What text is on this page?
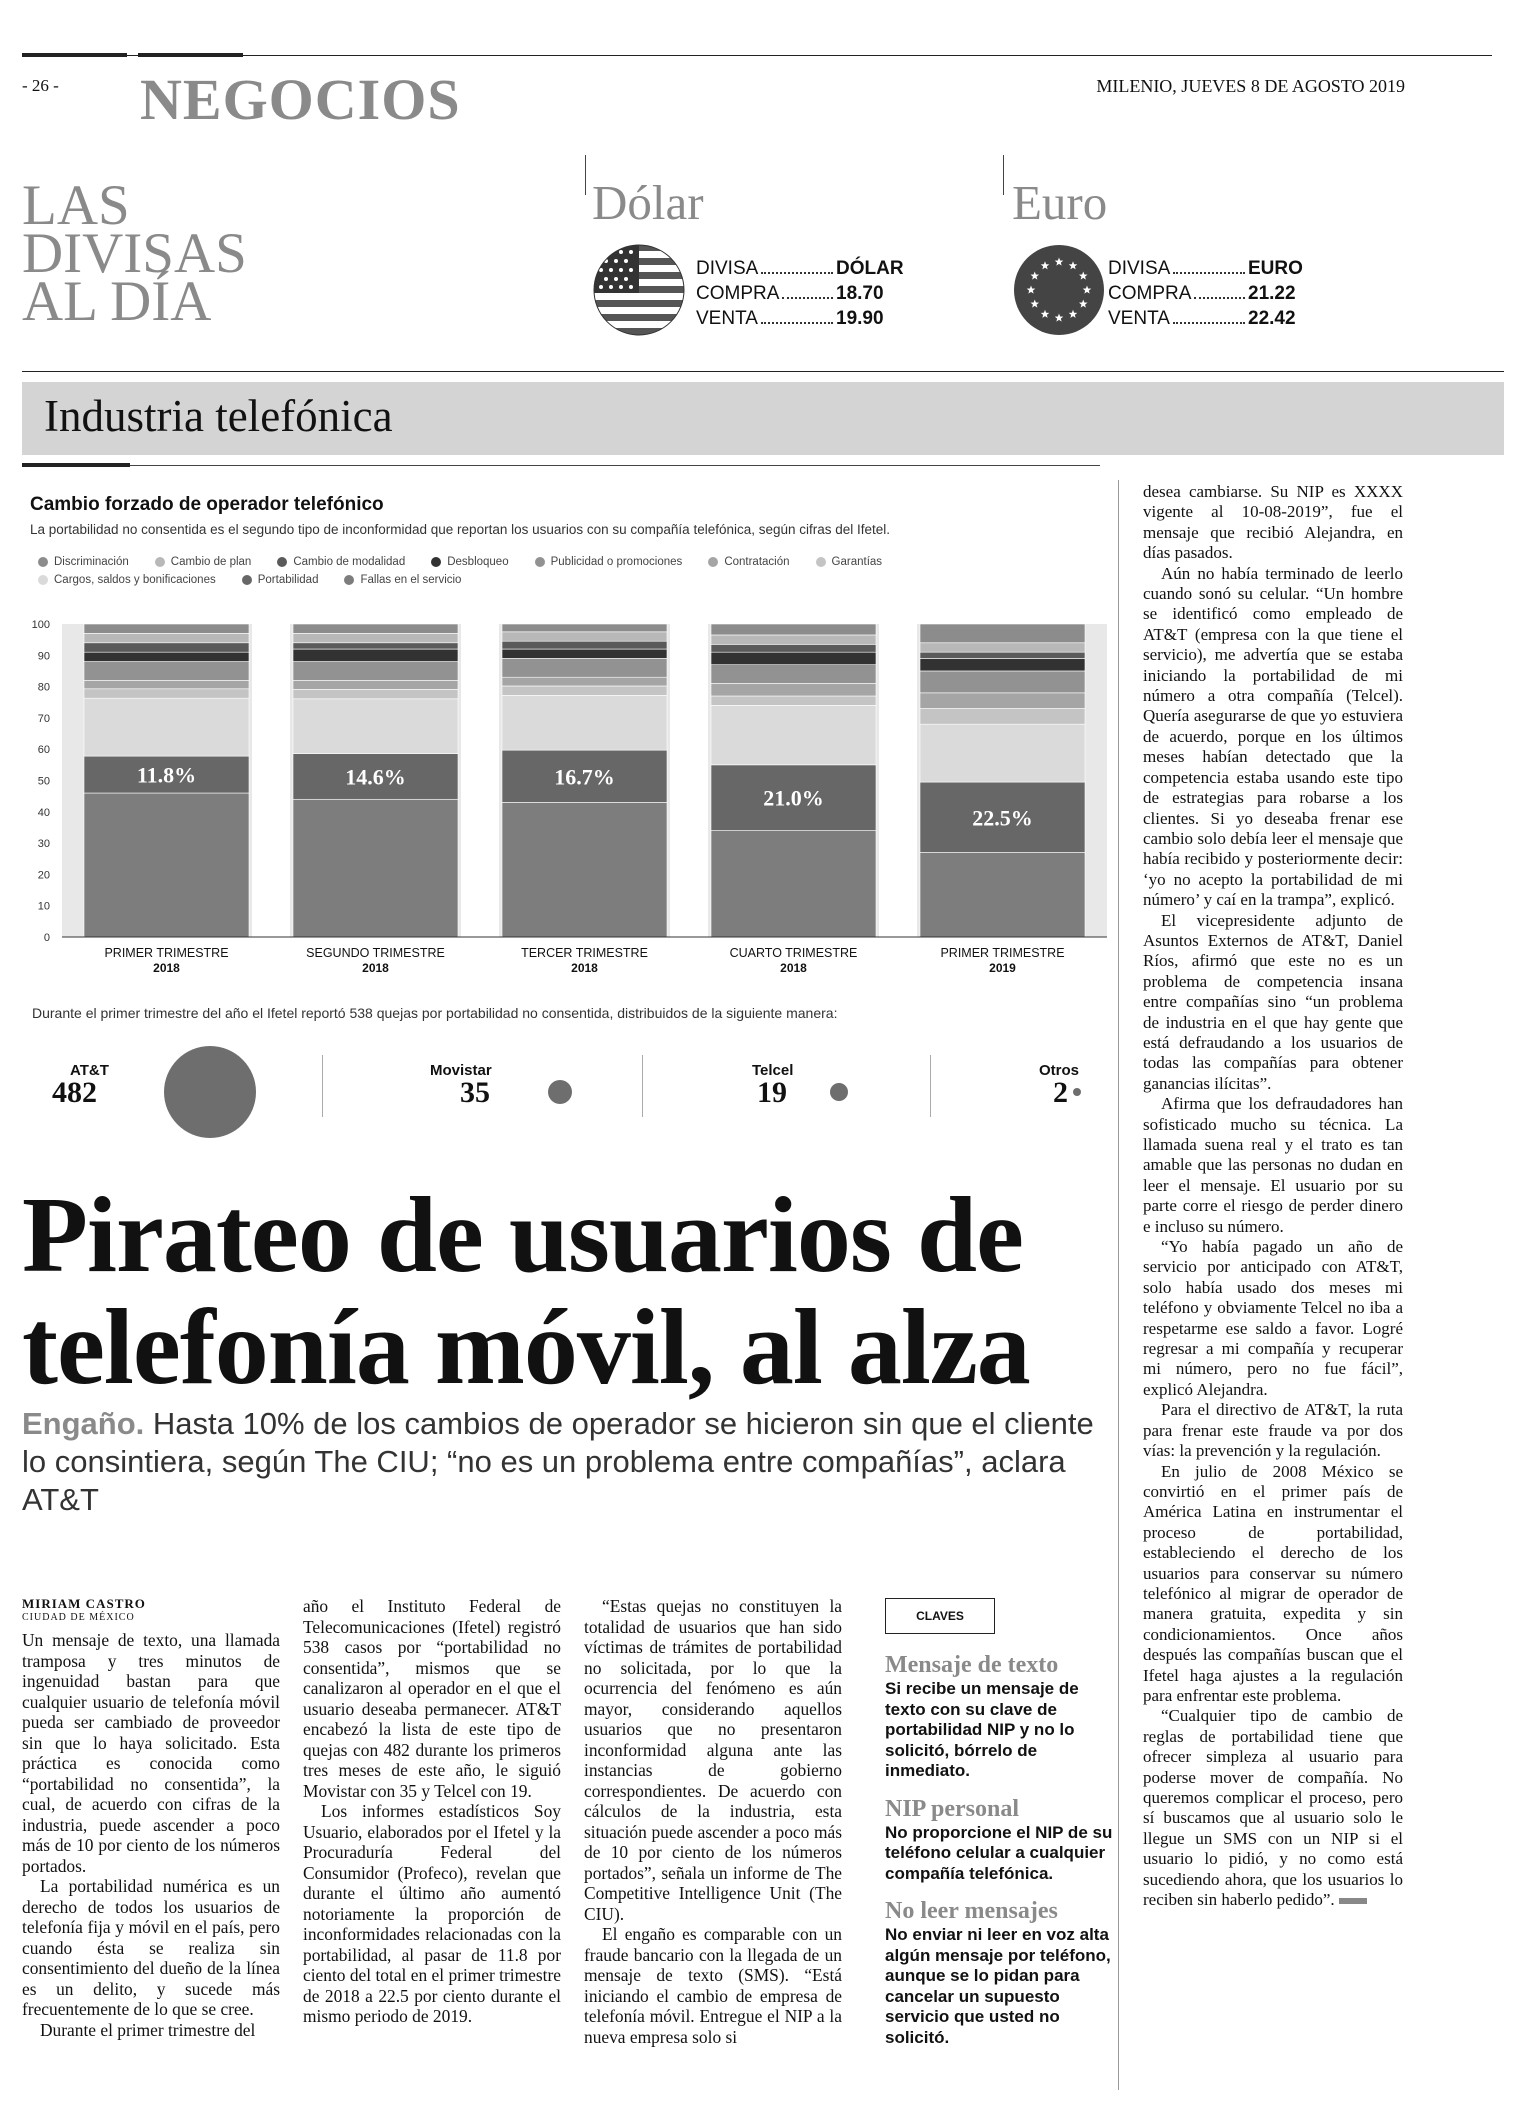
- 26 - NEGOCIOS	MILENIO, JUEVES 8 DE AGOSTO 2019
LAS
DIVISAS
AL DÍA
Dólar
DIVISA	DÓLAR
COMPRA	18.70
VENTA	19.90
Euro
DIVISA	EURO
COMPRA	21.22
VENTA	22.42
Industria telefónica
Cambio forzado de operador telefónico
La portabilidad no consentida es el segundo tipo de inconformidad que reportan los usuarios con su compañía telefónica, según cifras del Ifetel.
Discriminación	Cambio de plan	Cambio de modalidad	Desbloqueo	Publicidad o promociones	Contratación	Garantías
Cargos, saldos y bonificaciones	Portabilidad	Fallas en el servicio
0
10
20
30
40
50
60
70
80
90
100
11.8%
PRIMER TRIMESTRE
2018
14.6%
SEGUNDO TRIMESTRE
2018
16.7%
TERCER TRIMESTRE
2018
21.0%
CUARTO TRIMESTRE
2018
22.5%
PRIMER TRIMESTRE
2019
Durante el primer trimestre del año el Ifetel reportó 538 quejas por portabilidad no consentida, distribuidos de la siguiente manera:
AT&T
482
Movistar
35
Telcel
19
Otros
2
Pirateo de usuarios de
telefonía móvil, al alza
Engaño. Hasta 10% de los cambios de operador se hicieron sin que el cliente lo consintiera, según The CIU; “no es un problema entre compañías”, aclara AT&T
MIRIAM CASTRO
CIUDAD DE MÉXICO

Un mensaje de texto, una llamada tramposa y tres minutos de ingenuidad bastan para que cualquier usuario de telefonía móvil pueda ser cambiado de proveedor sin que lo haya solicitado. Esta práctica es conocida como “portabilidad no consentida”, la cual, de acuerdo con cifras de la industria, puede ascender a poco más de 10 por ciento de los números portados.

La portabilidad numérica es un derecho de todos los usuarios de telefonía fija y móvil en el país, pero cuando ésta se realiza sin consentimiento del dueño de la línea es un delito, y sucede más frecuentemente de lo que se cree.

Durante el primer trimestre del

año el Instituto Federal de Telecomunicaciones (Ifetel) registró 538 casos por “portabilidad no consentida”, mismos que se canalizaron al operador en el que el usuario deseaba permanecer. AT&T encabezó la lista de este tipo de quejas con 482 durante los primeros tres meses de este año, le siguió Movistar con 35 y Telcel con 19.

Los informes estadísticos Soy Usuario, elaborados por el Ifetel y la Procuraduría Federal del Consumidor (Profeco), revelan que durante el último año aumentó notoriamente la proporción de inconformidades relacionadas con la portabilidad, al pasar de 11.8 por ciento del total en el primer trimestre de 2018 a 22.5 por ciento durante el mismo periodo de 2019.

“Estas quejas no constituyen la totalidad de usuarios que han sido víctimas de trámites de portabilidad no solicitada, por lo que la ocurrencia del fenómeno es aún mayor, considerando aquellos usuarios que no presentaron inconformidad alguna ante las instancias de gobierno correspondientes. De acuerdo con cálculos de la industria, esta situación puede ascender a poco más de 10 por ciento de los números portados”, señala un informe de The Competitive Intelligence Unit (The CIU).

El engaño es comparable con un fraude bancario con la llegada de un mensaje de texto (SMS). “Está iniciando el cambio de empresa de telefonía móvil. Entregue el NIP a la nueva empresa solo si

CLAVES
Mensaje de texto
Si recibe un mensaje de texto con su clave de portabilidad NIP y no lo solicitó, bórrelo de inmediato.
NIP personal
No proporcione el NIP de su teléfono celular a cualquier compañía telefónica.
No leer mensajes
No enviar ni leer en voz alta algún mensaje por teléfono, aunque se lo pidan para cancelar un supuesto servicio que usted no solicitó.

desea cambiarse. Su NIP es XXXX vigente al 10-08-2019”, fue el mensaje que recibió Alejandra, en días pasados.

Aún no había terminado de leerlo cuando sonó su celular. “Un hombre se identificó como empleado de AT&T (empresa con la que tiene el servicio), me advertía que se estaba iniciando la portabilidad de mi número a otra compañía (Telcel). Quería asegurarse de que yo estuviera de acuerdo, porque en los últimos meses habían detectado que la competencia estaba usando este tipo de estrategias para robarse a los clientes. Si yo deseaba frenar ese cambio solo debía leer el mensaje que había recibido y posteriormente decir: ‘yo no acepto la portabilidad de mi número’ y caí en la trampa”, explicó.

El vicepresidente adjunto de Asuntos Externos de AT&T, Daniel Ríos, afirmó que este no es un problema de competencia insana entre compañías sino “un problema de industria en el que hay gente que está defraudando a los usuarios de todas las compañías para obtener ganancias ilícitas”.

Afirma que los defraudadores han sofisticado mucho su técnica. La llamada suena real y el trato es tan amable que las personas no dudan en leer el mensaje. El usuario por su parte corre el riesgo de perder dinero e incluso su número.

“Yo había pagado un año de servicio por anticipado con AT&T, solo había usado dos meses mi teléfono y obviamente Telcel no iba a respetarme ese saldo a favor. Logré regresar a mi compañía y recuperar mi número, pero no fue fácil”, explicó Alejandra.

Para el directivo de AT&T, la ruta para frenar este fraude va por dos vías: la prevención y la regulación.

En julio de 2008 México se convirtió en el primer país de América Latina en instrumentar el proceso de portabilidad, estableciendo el derecho de los usuarios para conservar su número telefónico al migrar de operador de manera gratuita, expedita y sin condicionamientos. Once años después las compañías buscan que el Ifetel haga ajustes a la regulación para enfrentar este problema.

“Cualquier tipo de cambio de reglas de portabilidad tiene que ofrecer simpleza al usuario para poderse mover de compañía. No queremos complicar el proceso, pero sí buscamos que al usuario solo le llegue un SMS con un NIP si el usuario lo pidió, y no como está sucediendo ahora, que los usuarios lo reciben sin haberlo pedido”.
